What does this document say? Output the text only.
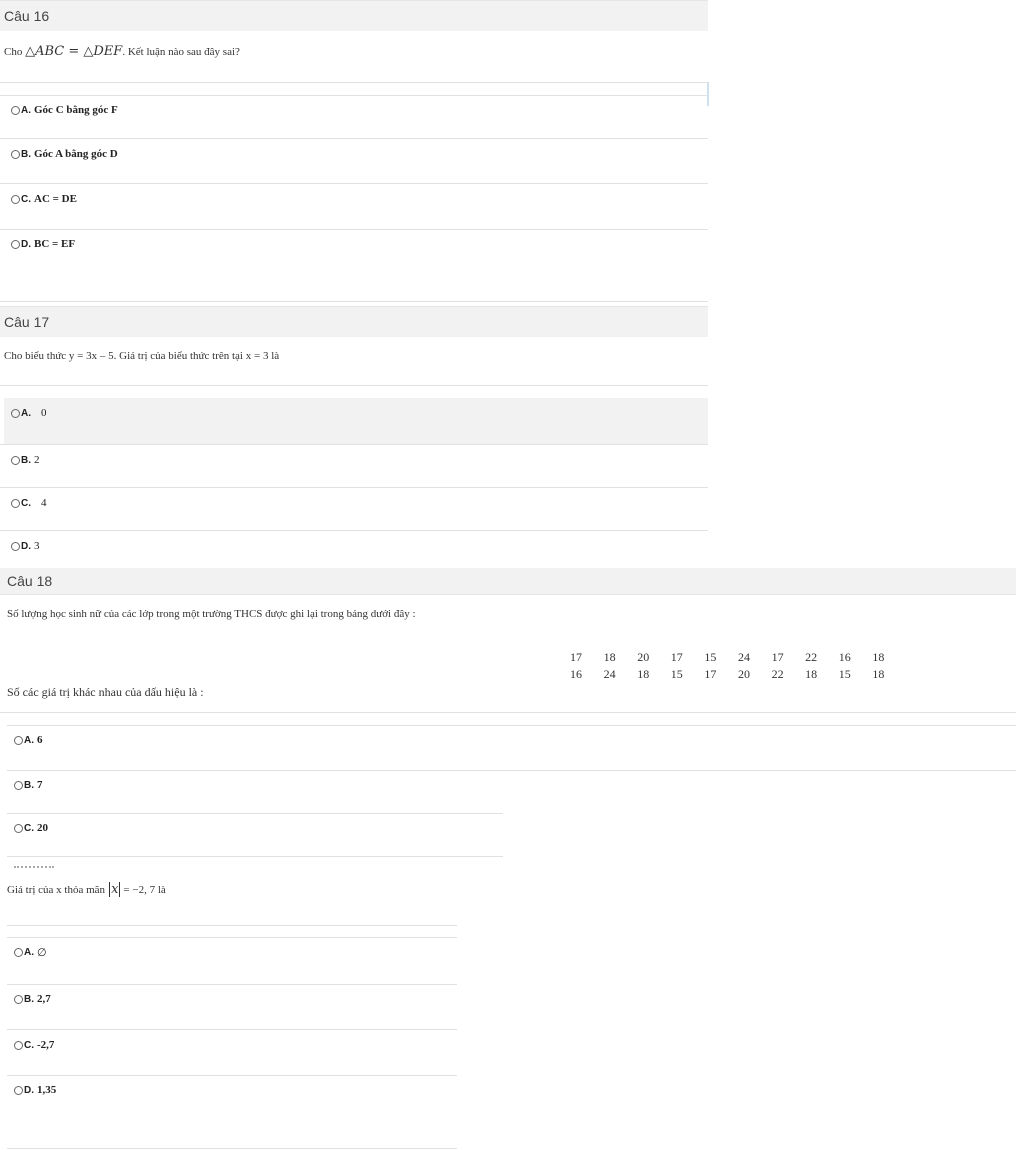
Câu 16
Cho △ABC = △DEF. Kết luận nào sau đây sai?
A. Góc C bằng góc F
B. Góc A bằng góc D
C. AC = DE
D. BC = EF
Câu 17
Cho biểu thức y = 3x – 5. Giá trị của biểu thức trên tại x = 3 là
A. 0
B. 2
C. 4
D. 3
Câu 18
Số lượng học sinh nữ của các lớp trong một trường THCS được ghi lại trong bảng dưới đây :
17	18	20	17	15	24	17	22	16	18
16	24	18	15	17	20	22	18	15	18
Số các giá trị khác nhau của dấu hiệu là :
A. 6
B. 7
C. 20
Giá trị của x thỏa mãn x = −2, 7 là
A. ∅
B. 2,7
C. -2,7
D. 1,35
